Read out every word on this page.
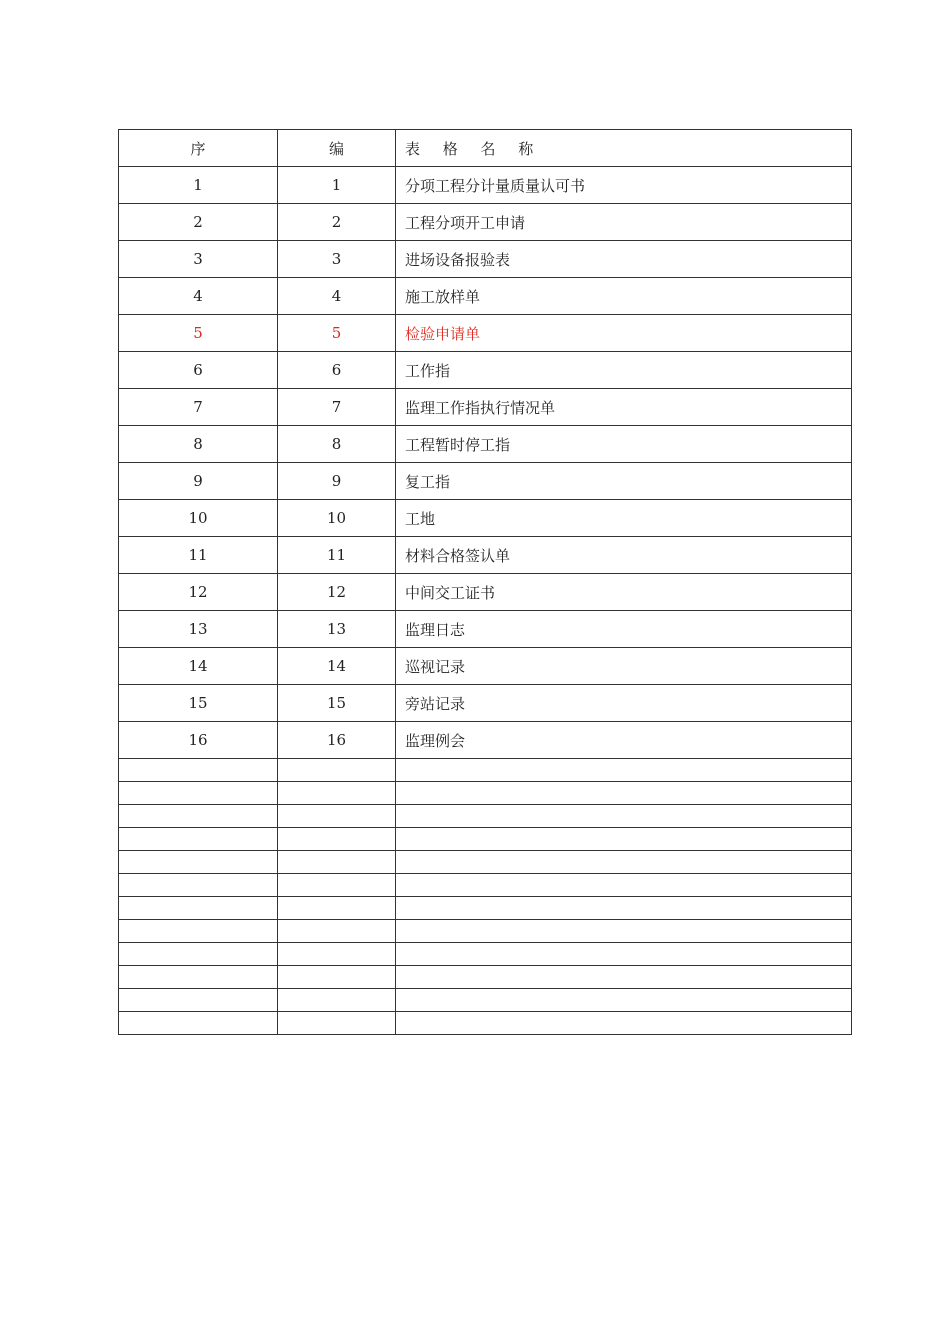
序	编	表 格 名 称
1	1	分项工程分计量质量认可书
2	2	工程分项开工申请
3	3	进场设备报验表
4	4	施工放样单
5	5	检验申请单
6	6	工作指
7	7	监理工作指执行情况单
8	8	工程暂时停工指
9	9	复工指
10	10	工地
11	11	材料合格签认单
12	12	中间交工证书
13	13	监理日志
14	14	巡视记录
15	15	旁站记录
16	16	监理例会
